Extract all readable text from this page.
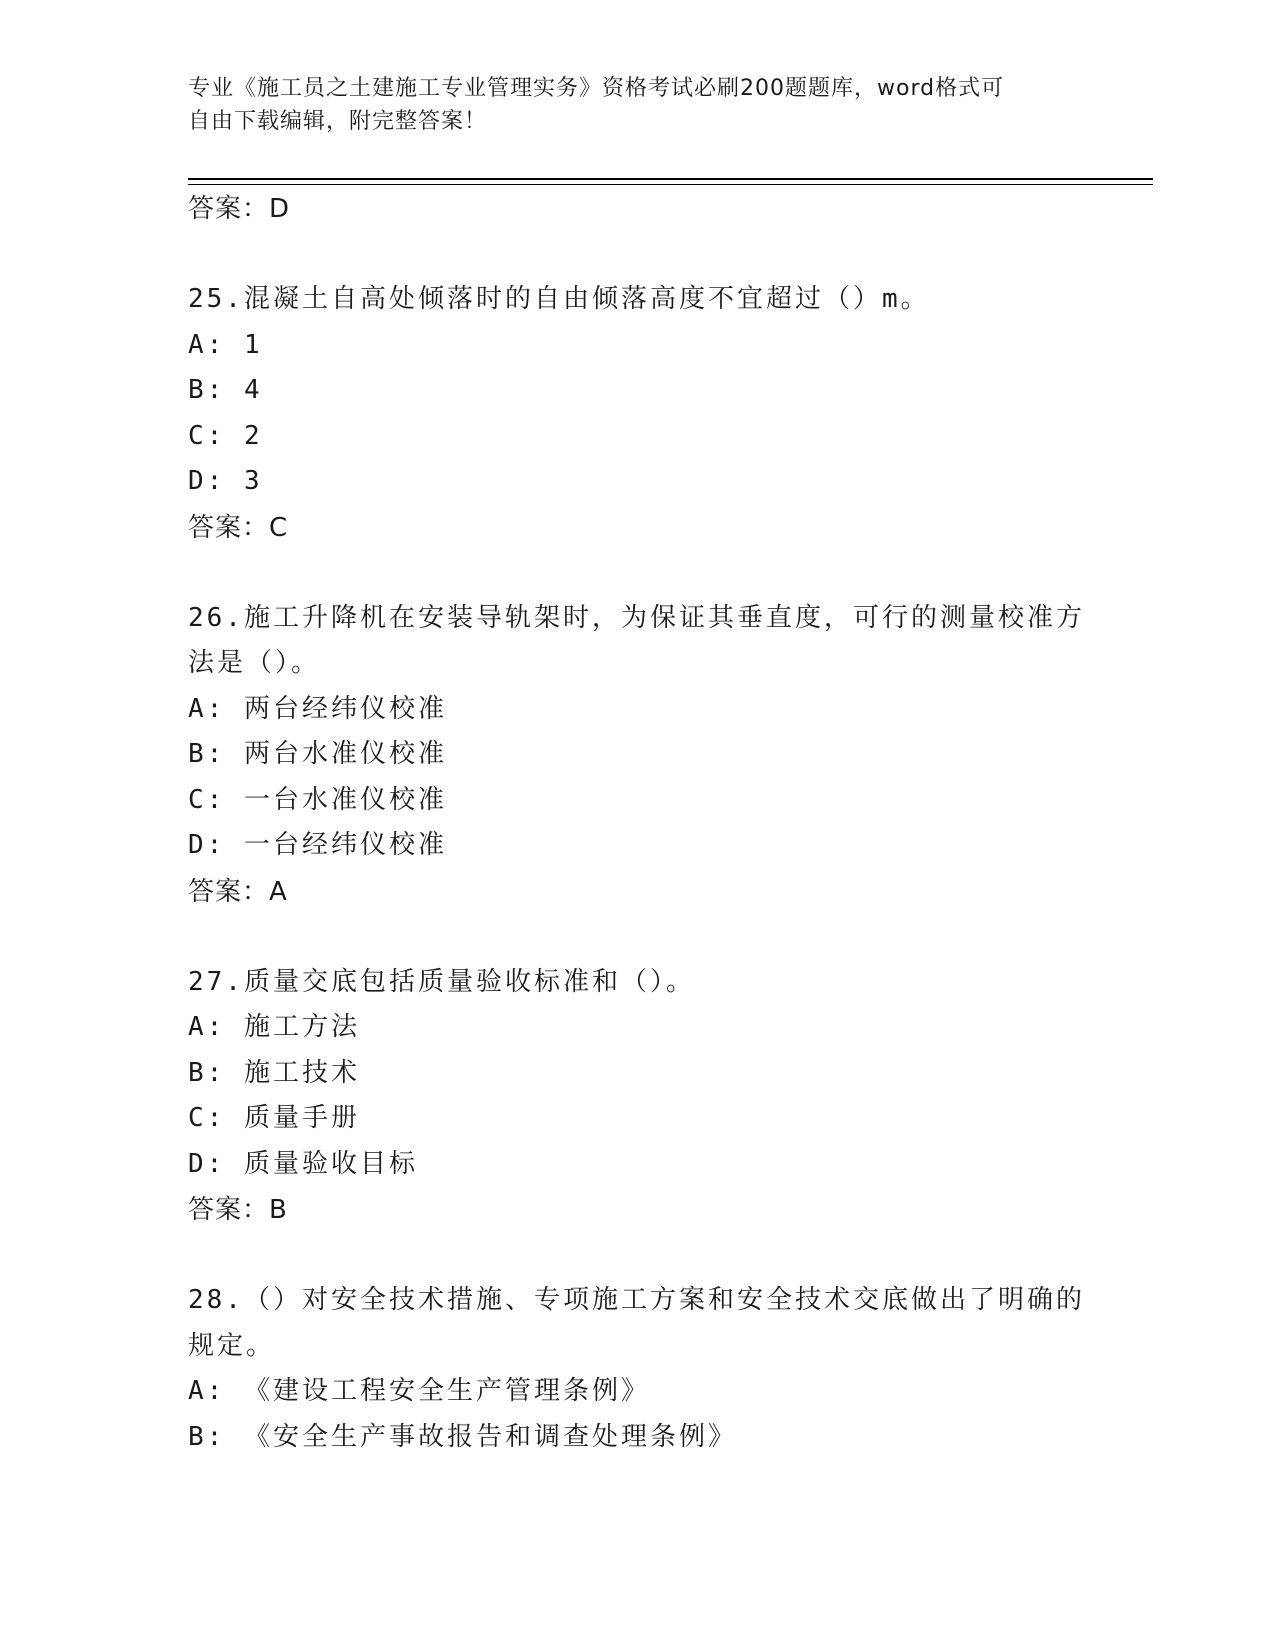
专业《施工员之土建施工专业管理实务》资格考试必刷200题题库，word格式可
自由下载编辑，附完整答案！
答案：D
25.混凝土自高处倾落时的自由倾落高度不宜超过（）m。
A: 1
B: 4
C: 2
D: 3
答案：C
26.施工升降机在安装导轨架时，为保证其垂直度，可行的测量校准方
法是（）。
A: 两台经纬仪校准
B: 两台水准仪校准
C: 一台水准仪校准
D: 一台经纬仪校准
答案：A
27.质量交底包括质量验收标准和（）。
A: 施工方法
B: 施工技术
C: 质量手册
D: 质量验收目标
答案：B
28.（）对安全技术措施、专项施工方案和安全技术交底做出了明确的
规定。
A: 《建设工程安全生产管理条例》
B: 《安全生产事故报告和调查处理条例》
